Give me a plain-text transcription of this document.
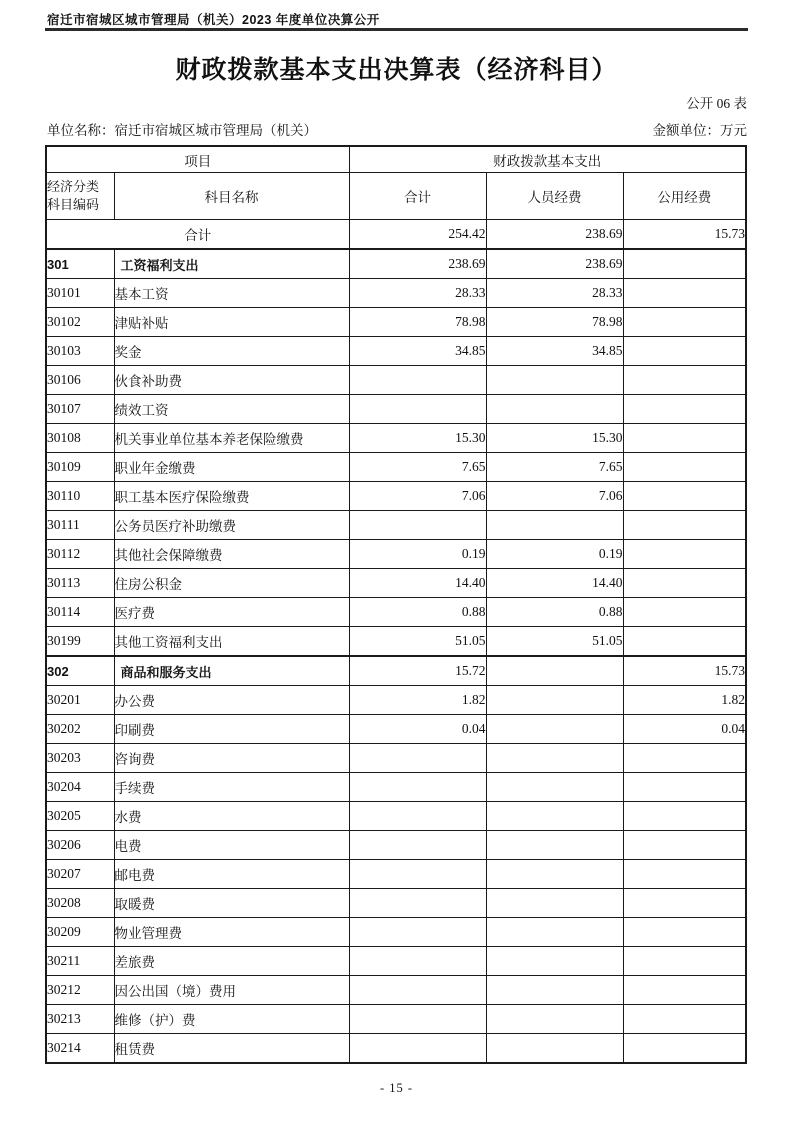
宿迁市宿城区城市管理局（机关）2023 年度单位决算公开
财政拨款基本支出决算表（经济科目）
公开 06 表
单位名称：宿迁市宿城区城市管理局（机关）	金额单位：万元
项目		财政拨款基本支出		
经济分类
科目编码	科目名称	合计	人员经费	公用经费
合计		254.42	238.69	15.73
301	工资福利支出	238.69	238.69	
30101	基本工资	28.33	28.33	
30102	津贴补贴	78.98	78.98	
30103	奖金	34.85	34.85	
30106	伙食补助费			
30107	绩效工资			
30108	机关事业单位基本养老保险缴费	15.30	15.30	
30109	职业年金缴费	7.65	7.65	
30110	职工基本医疗保险缴费	7.06	7.06	
30111	公务员医疗补助缴费			
30112	其他社会保障缴费	0.19	0.19	
30113	住房公积金	14.40	14.40	
30114	医疗费	0.88	0.88	
30199	其他工资福利支出	51.05	51.05	
302	商品和服务支出	15.72		15.73
30201	办公费	1.82		1.82
30202	印刷费	0.04		0.04
30203	咨询费			
30204	手续费			
30205	水费			
30206	电费			
30207	邮电费			
30208	取暖费			
30209	物业管理费			
30211	差旅费			
30212	因公出国（境）费用			
30213	维修（护）费			
30214	租赁费			
- 15 -
